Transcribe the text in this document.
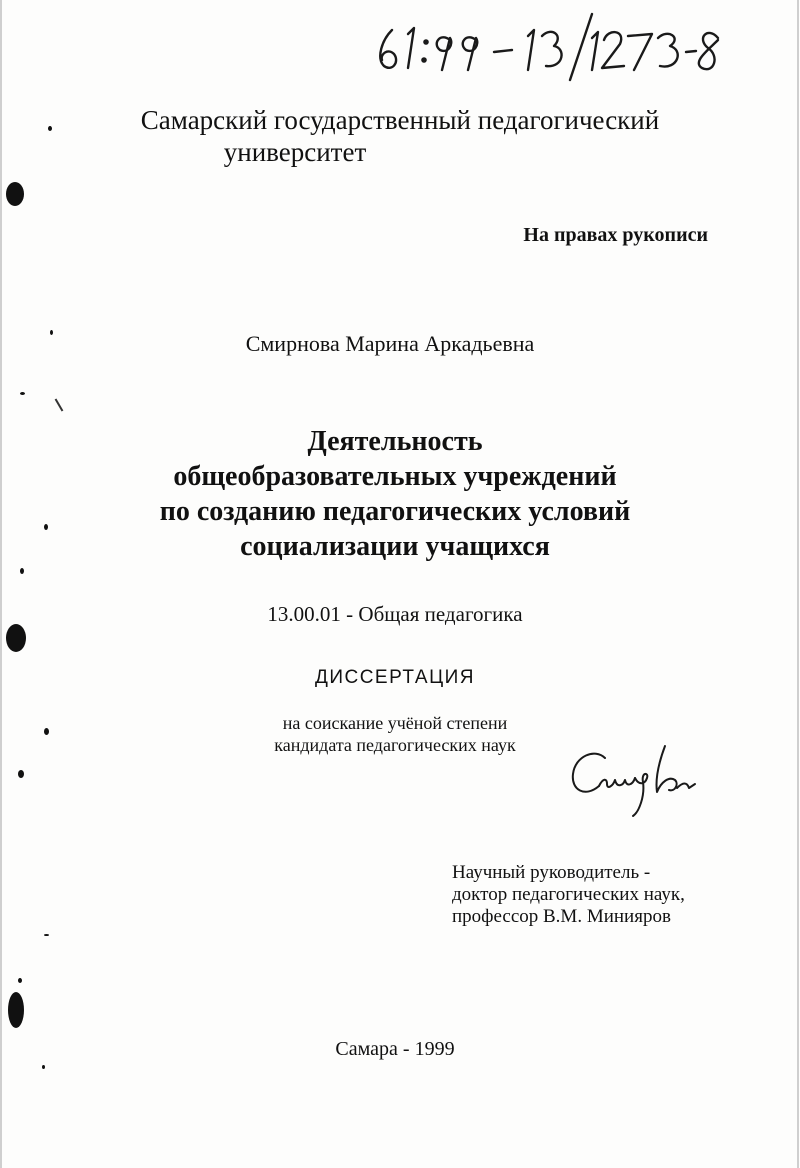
Самарский государственный педагогический
университет
На правах рукописи
Смирнова Марина Аркадьевна
Деятельность
общеобразовательных учреждений
по созданию педагогических условий
социализации учащихся
13.00.01 - Общая педагогика
ДИССЕРТАЦИЯ
на соискание учёной степени
кандидата педагогических наук
Научный руководитель -
доктор педагогических наук,
профессор В.М. Минияров
Самара - 1999
